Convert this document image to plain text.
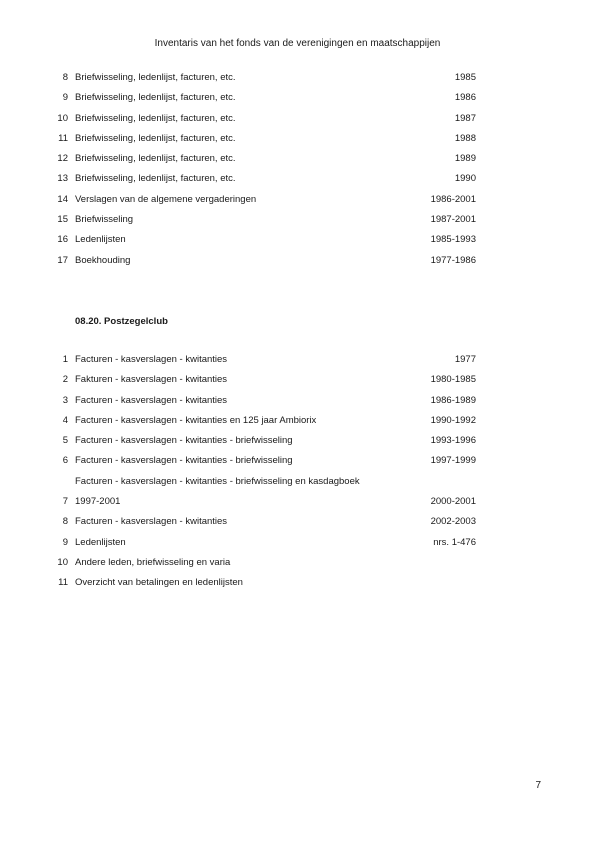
Inventaris van het fonds van de verenigingen en maatschappijen
8 Briefwisseling, ledenlijst, facturen, etc.	1985
9 Briefwisseling, ledenlijst, facturen, etc.	1986
10 Briefwisseling, ledenlijst, facturen, etc.	1987
11 Briefwisseling, ledenlijst, facturen, etc.	1988
12 Briefwisseling, ledenlijst, facturen, etc.	1989
13 Briefwisseling, ledenlijst, facturen, etc.	1990
14 Verslagen van de algemene vergaderingen	1986-2001
15 Briefwisseling	1987-2001
16 Ledenlijsten	1985-1993
17 Boekhouding	1977-1986
08.20. Postzegelclub
1 Facturen - kasverslagen - kwitanties	1977
2 Fakturen - kasverslagen - kwitanties	1980-1985
3 Facturen - kasverslagen - kwitanties	1986-1989
4 Facturen - kasverslagen - kwitanties en 125 jaar Ambiorix	1990-1992
5 Facturen - kasverslagen - kwitanties - briefwisseling	1993-1996
6 Facturen - kasverslagen - kwitanties - briefwisseling	1997-1999
Facturen - kasverslagen - kwitanties - briefwisseling en kasdagboek
7 1997-2001	2000-2001
8 Facturen - kasverslagen - kwitanties	2002-2003
9 Ledenlijsten	nrs. 1-476
10 Andere leden, briefwisseling en varia
11 Overzicht van betalingen en ledenlijsten
7
